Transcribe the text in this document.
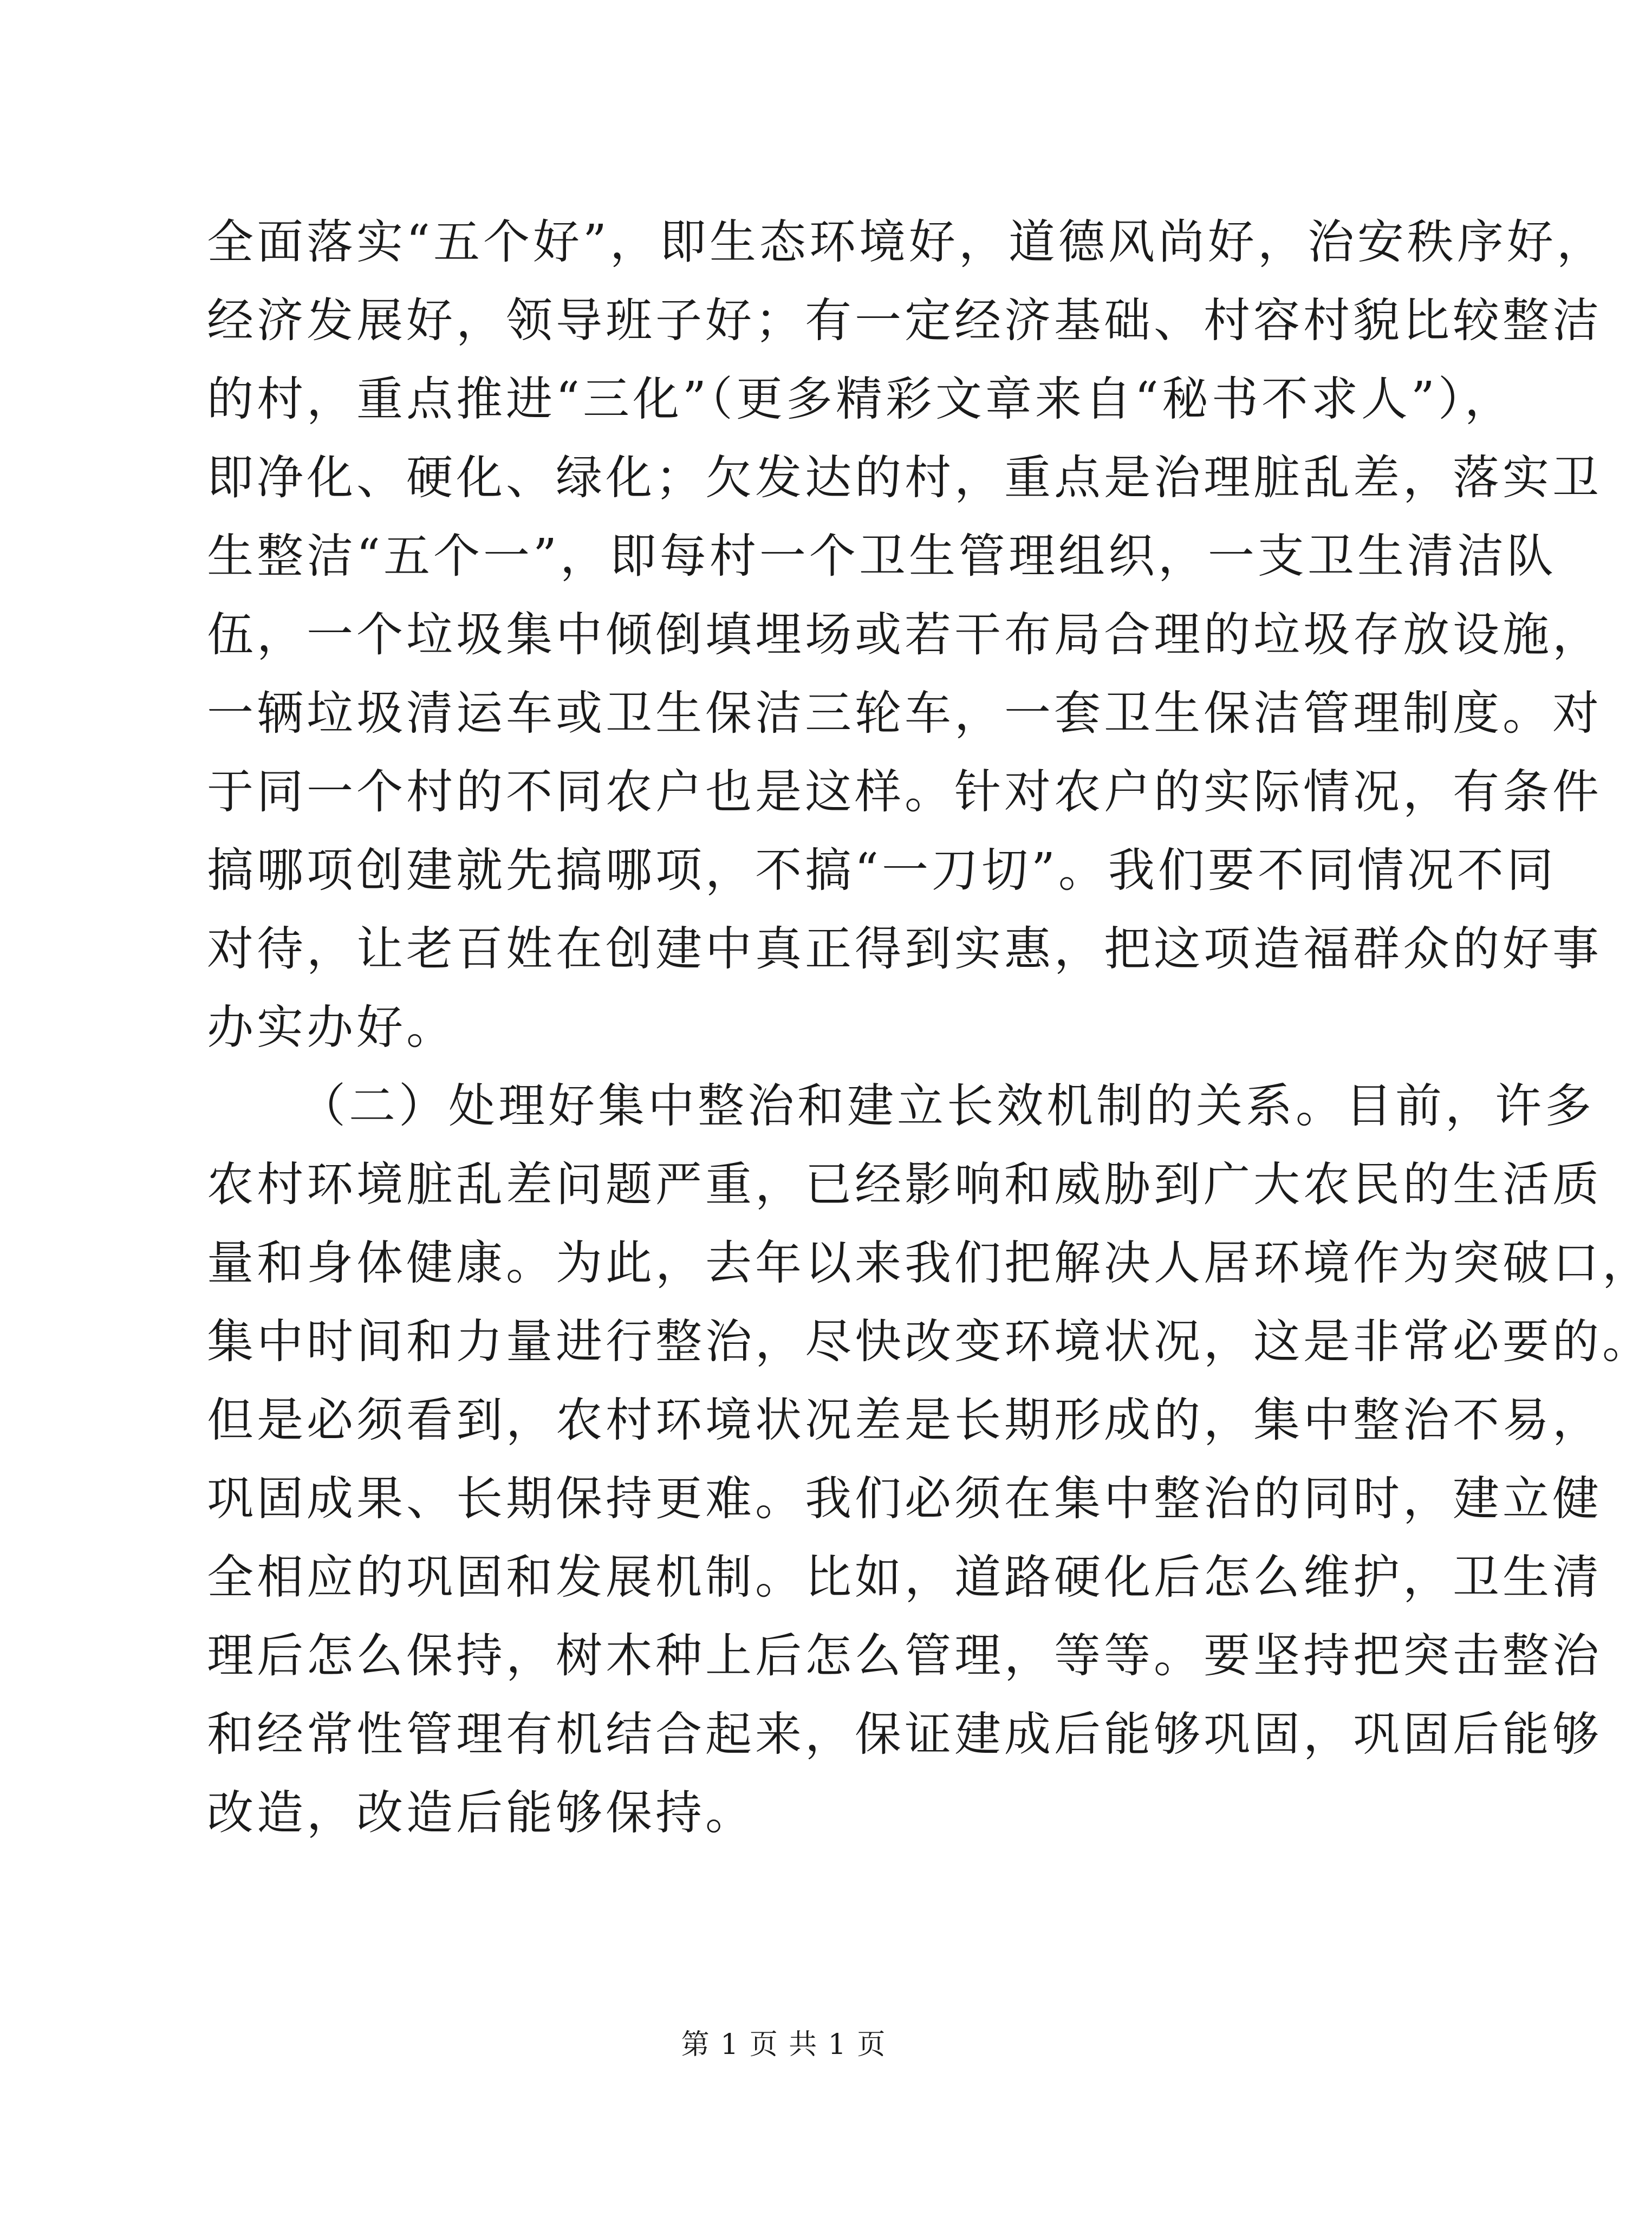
全面落实“五个好”，即生态环境好，道德风尚好，治安秩序好，
经济发展好，领导班子好；有一定经济基础、村容村貌比较整洁
的村，重点推进“三化”（更多精彩文章来自“秘书不求人”），
即净化、硬化、绿化；欠发达的村，重点是治理脏乱差，落实卫
生整洁“五个一”，即每村一个卫生管理组织，一支卫生清洁队
伍，一个垃圾集中倾倒填埋场或若干布局合理的垃圾存放设施，
一辆垃圾清运车或卫生保洁三轮车，一套卫生保洁管理制度。对
于同一个村的不同农户也是这样。针对农户的实际情况，有条件
搞哪项创建就先搞哪项，不搞“一刀切”。我们要不同情况不同
对待，让老百姓在创建中真正得到实惠，把这项造福群众的好事
办实办好。
（二）处理好集中整治和建立长效机制的关系。目前，许多
农村环境脏乱差问题严重，已经影响和威胁到广大农民的生活质
量和身体健康。为此，去年以来我们把解决人居环境作为突破口，
集中时间和力量进行整治，尽快改变环境状况，这是非常必要的。
但是必须看到，农村环境状况差是长期形成的，集中整治不易，
巩固成果、长期保持更难。我们必须在集中整治的同时，建立健
全相应的巩固和发展机制。比如，道路硬化后怎么维护，卫生清
理后怎么保持，树木种上后怎么管理，等等。要坚持把突击整治
和经常性管理有机结合起来，保证建成后能够巩固，巩固后能够
改造，改造后能够保持。
第 1 页 共 1 页
